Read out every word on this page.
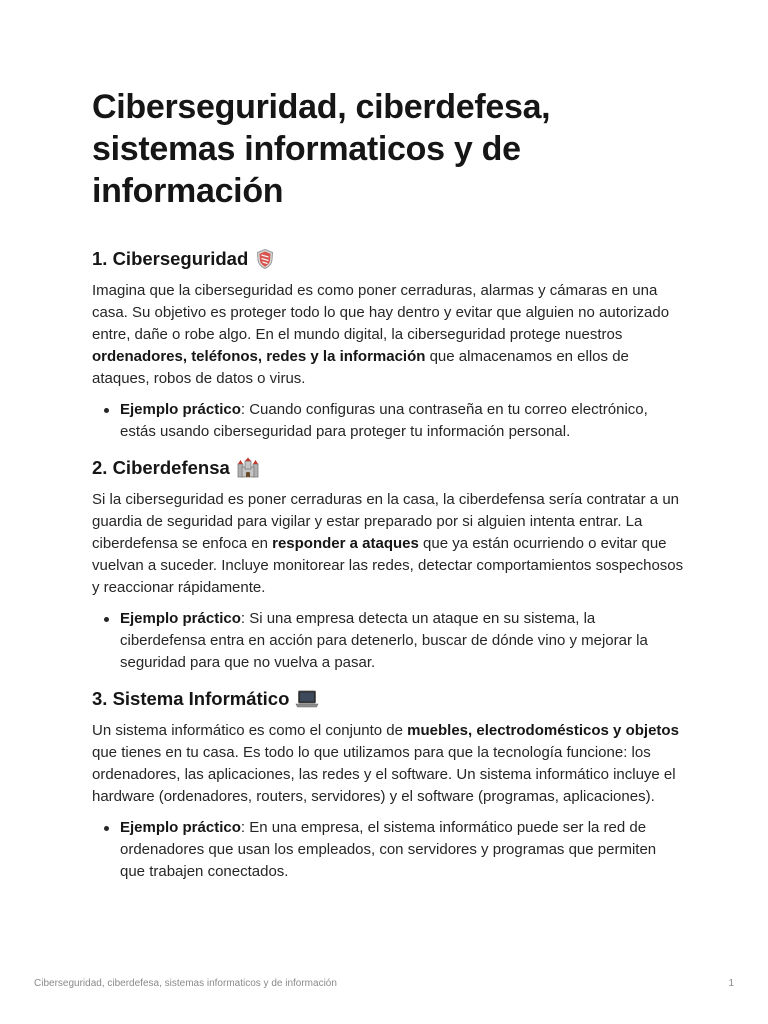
Ciberseguridad, ciberdefesa, sistemas informaticos y de información
1. Ciberseguridad

Imagina que la ciberseguridad es como poner cerraduras, alarmas y cámaras en una casa. Su objetivo es proteger todo lo que hay dentro y evitar que alguien no autorizado entre, dañe o robe algo. En el mundo digital, la ciberseguridad protege nuestros ordenadores, teléfonos, redes y la información que almacenamos en ellos de ataques, robos de datos o virus.

Ejemplo práctico: Cuando configuras una contraseña en tu correo electrónico, estás usando ciberseguridad para proteger tu información personal.
2. Ciberdefensa

Si la ciberseguridad es poner cerraduras en la casa, la ciberdefensa sería contratar a un guardia de seguridad para vigilar y estar preparado por si alguien intenta entrar. La ciberdefensa se enfoca en responder a ataques que ya están ocurriendo o evitar que vuelvan a suceder. Incluye monitorear las redes, detectar comportamientos sospechosos y reaccionar rápidamente.

Ejemplo práctico: Si una empresa detecta un ataque en su sistema, la ciberdefensa entra en acción para detenerlo, buscar de dónde vino y mejorar la seguridad para que no vuelva a pasar.
3. Sistema Informático

Un sistema informático es como el conjunto de muebles, electrodomésticos y objetos que tienes en tu casa. Es todo lo que utilizamos para que la tecnología funcione: los ordenadores, las aplicaciones, las redes y el software. Un sistema informático incluye el hardware (ordenadores, routers, servidores) y el software (programas, aplicaciones).

Ejemplo práctico: En una empresa, el sistema informático puede ser la red de ordenadores que usan los empleados, con servidores y programas que permiten que trabajen conectados.
Ciberseguridad, ciberdefesa, sistemas informaticos y de información	1
